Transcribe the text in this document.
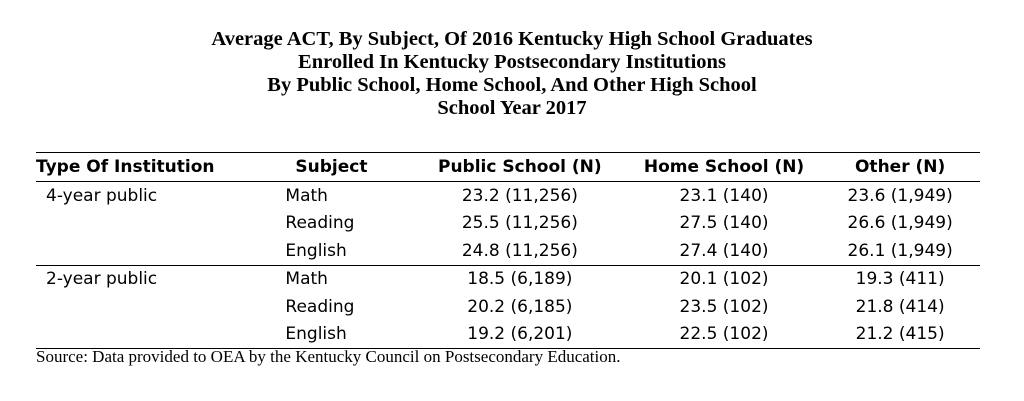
Average ACT, By Subject, Of 2016 Kentucky High School Graduates
Enrolled In Kentucky Postsecondary Institutions
By Public School, Home School, And Other High School
School Year 2017
Type Of Institution	Subject	Public School (N)	Home School (N)	Other (N)
4-year public	Math	23.2 (11,256)	23.1 (140)	23.6 (1,949)
	Reading	25.5 (11,256)	27.5 (140)	26.6 (1,949)
	English	24.8 (11,256)	27.4 (140)	26.1 (1,949)
2-year public	Math	18.5 (6,189)	20.1 (102)	19.3 (411)
	Reading	20.2 (6,185)	23.5 (102)	21.8 (414)
	English	19.2 (6,201)	22.5 (102)	21.2 (415)
Source: Data provided to OEA by the Kentucky Council on Postsecondary Education.
